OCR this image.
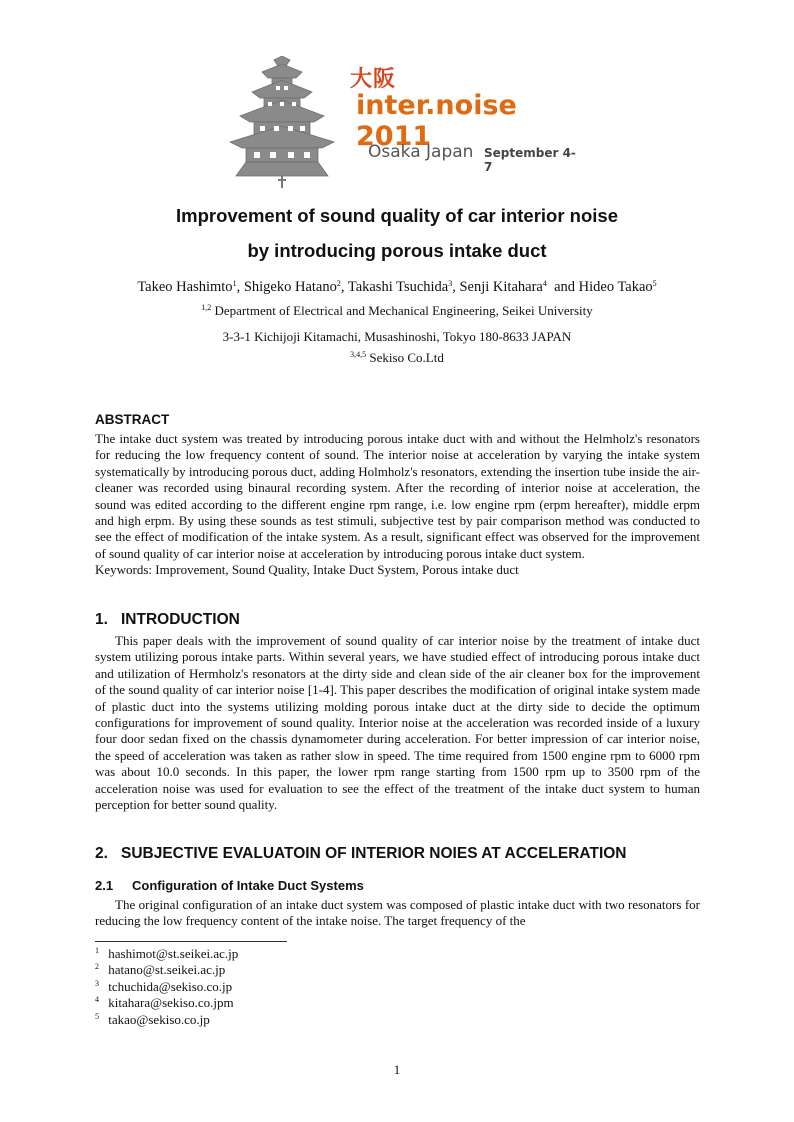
大阪
inter.noise 2011
Osaka Japan September 4-7
Improvement of sound quality of car interior noise
by introducing porous intake duct
Takeo Hashimto$^1$, Shigeko Hatano$^2$, Takashi Tsuchida$^3$, Senji Kitahara$^4$  and Hideo Takao$^5$
$^{1,2}$ Department of Electrical and Mechanical Engineering, Seikei University
3-3-1 Kichijoji Kitamachi, Musashinoshi, Tokyo 180-8633 JAPAN
$^{3,4,5}$ Sekiso Co.Ltd
ABSTRACT
The intake duct system was treated by introducing porous intake duct with and without the Helmholz's resonators for reducing the low frequency content of sound. The interior noise at acceleration by varying the intake system systematically by introducing porous duct, adding Holmholz's resonators, extending the insertion tube inside the air-cleaner was recorded using binaural recording system. After the recording of interior noise at acceleration, the sound was edited according to the different engine rpm range, i.e. low engine rpm (erpm hereafter), middle erpm and high erpm. By using these sounds as test stimuli, subjective test by pair comparison method was conducted to see the effect of modification of the intake system. As a result, significant effect was observed for the improvement of sound quality of car interior noise at acceleration by introducing porous intake duct system.
Keywords: Improvement, Sound Quality, Intake Duct System, Porous intake duct
1. INTRODUCTION
This paper deals with the improvement of sound quality of car interior noise by the treatment of intake duct system utilizing porous intake parts. Within several years, we have studied effect of introducing porous intake duct and utilization of Hermholz's resonators at the dirty side and clean side of the air cleaner box for the improvement of the sound quality of car interior noise [1-4]. This paper describes the modification of original intake system made of plastic duct into the systems utilizing molding porous intake duct at the dirty side to decide the optimum configurations for improvement of sound quality. Interior noise at the acceleration was recorded inside of a luxury four door sedan fixed on the chassis dynamometer during acceleration. For better impression of car interior noise, the speed of acceleration was taken as rather slow in speed. The time required from 1500 engine rpm to 6000 rpm was about 10.0 seconds. In this paper, the lower rpm range starting from 1500 rpm up to 3500 rpm of the acceleration noise was used for evaluation to see the effect of the treatment of the intake duct system to human perception for better sound quality.
2. SUBJECTIVE EVALUATOIN OF INTERIOR NOIES AT ACCELERATION
2.1 Configuration of Intake Duct Systems
The original configuration of an intake duct system was composed of plastic intake duct with two resonators for reducing the low frequency content of the intake noise. The target frequency of the
1 hashimot@st.seikei.ac.jp
2 hatano@st.seikei.ac.jp
3 tchuchida@sekiso.co.jp
4 kitahara@sekiso.co.jpm
5 takao@sekiso.co.jp
1
